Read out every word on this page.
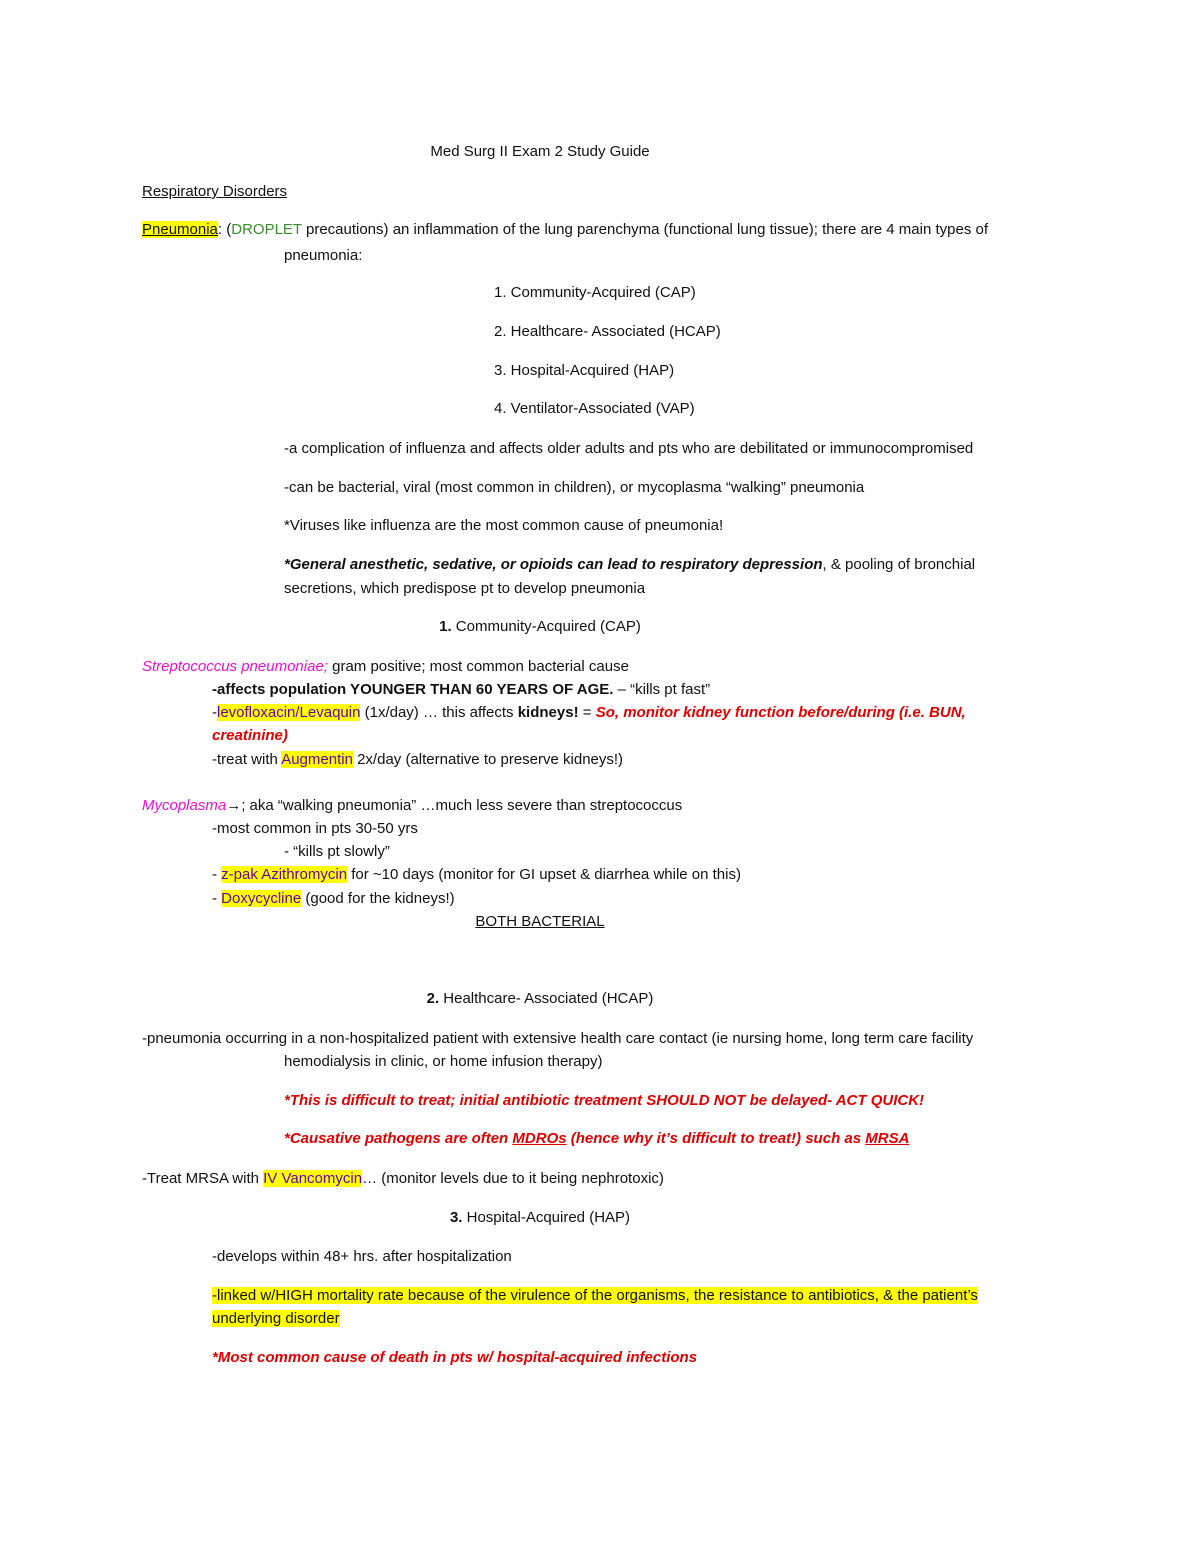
Med Surg II Exam 2 Study Guide
Respiratory Disorders
Pneumonia: (DROPLET precautions) an inflammation of the lung parenchyma (functional lung tissue); there are 4 main types of
pneumonia:
1. Community-Acquired (CAP)
2. Healthcare- Associated (HCAP)
3. Hospital-Acquired (HAP)
4. Ventilator-Associated (VAP)
-a complication of influenza and affects older adults and pts who are debilitated or immunocompromised
-can be bacterial, viral (most common in children), or mycoplasma “walking” pneumonia
*Viruses like influenza are the most common cause of pneumonia!
*General anesthetic, sedative, or opioids can lead to respiratory depression, & pooling of bronchial
secretions, which predispose pt to develop pneumonia
1. Community-Acquired (CAP)
Streptococcus pneumoniae; gram positive; most common bacterial cause
-affects population YOUNGER THAN 60 YEARS OF AGE. – “kills pt fast”
-levofloxacin/Levaquin (1x/day) … this affects kidneys! = So, monitor kidney function before/during (i.e. BUN,
creatinine)
-treat with Augmentin 2x/day (alternative to preserve kidneys!)
Mycoplasma→; aka “walking pneumonia” …much less severe than streptococcus
-most common in pts 30-50 yrs
- “kills pt slowly”
- z-pak Azithromycin for ~10 days (monitor for GI upset & diarrhea while on this)
- Doxycycline (good for the kidneys!)
BOTH BACTERIAL
2. Healthcare- Associated (HCAP)
-pneumonia occurring in a non-hospitalized patient with extensive health care contact (ie nursing home, long term care facility
hemodialysis in clinic, or home infusion therapy)
*This is difficult to treat; initial antibiotic treatment SHOULD NOT be delayed- ACT QUICK!
*Causative pathogens are often MDROs (hence why it’s difficult to treat!) such as MRSA
-Treat MRSA with IV Vancomycin… (monitor levels due to it being nephrotoxic)
3. Hospital-Acquired (HAP)
-develops within 48+ hrs. after hospitalization
-linked w/HIGH mortality rate because of the virulence of the organisms, the resistance to antibiotics, & the patient’s
underlying disorder
*Most common cause of death in pts w/ hospital-acquired infections
